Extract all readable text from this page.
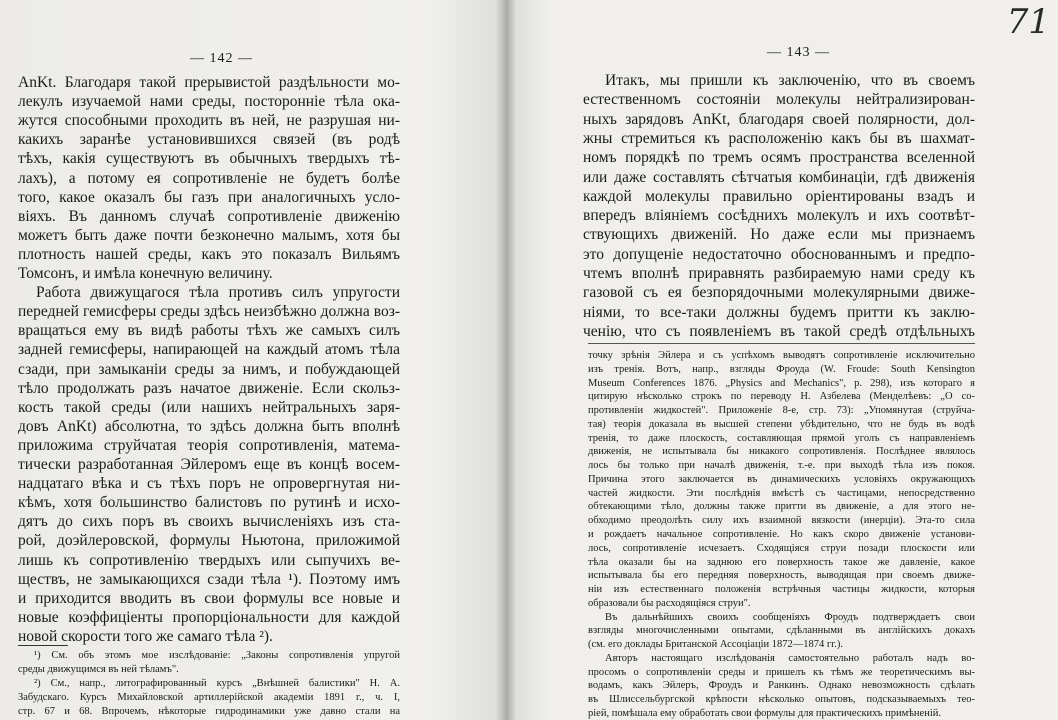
— 142 —
AnKt. Благодаря такой прерывистой раздѣльности мо-
лекулъ изучаемой нами среды, посторонніе тѣла ока-
жутся способными проходить въ ней, не разрушая ни-
какихъ заранѣе установившихся связей (въ родѣ
тѣхъ, какія существуютъ въ обычныхъ твердыхъ тѣ-
лахъ), а потому ея сопротивленіе не будетъ болѣе
того, какое оказалъ бы газъ при аналогичныхъ усло-
віяхъ. Въ данномъ случаѣ сопротивленіе движенію
можетъ быть даже почти безконечно малымъ, хотя бы
плотность нашей среды, какъ это показалъ Вильямъ
Томсонъ, и имѣла конечную величину.
Работа движущагося тѣла противъ силъ упругости
передней гемисферы среды здѣсь неизбѣжно должна воз-
вращаться ему въ видѣ работы тѣхъ же самыхъ силъ
задней гемисферы, напирающей на каждый атомъ тѣла
сзади, при замыканіи среды за нимъ, и побуждающей
тѣло продолжать разъ начатое движеніе. Если скольз-
кость такой среды (или нашихъ нейтральныхъ заря-
довъ AnKt) абсолютна, то здѣсь должна быть вполнѣ
приложима струйчатая теорія сопротивленія, матема-
тически разработанная Эйлеромъ еще въ концѣ восем-
надцатаго вѣка и съ тѣхъ поръ не опровергнутая ни-
кѣмъ, хотя большинство балистовъ по рутинѣ и исхо-
дятъ до сихъ поръ въ своихъ вычисленіяхъ изъ ста-
рой, доэйлеровской, формулы Ньютона, приложимой
лишь къ сопротивленію твердыхъ или сыпучихъ ве-
ществъ, не замыкающихся сзади тѣла ¹). Поэтому имъ
и приходится вводить въ свои формулы все новые и
новые коэффиціенты пропорціональности для каждой
новой скорости того же самаго тѣла ²).
— 143 —
71
Итакъ, мы пришли къ заключенію, что въ своемъ
естественномъ состояніи молекулы нейтрализирован-
ныхъ зарядовъ AnKt, благодаря своей полярности, дол-
жны стремиться къ расположенію какъ бы въ шахмат-
номъ порядкѣ по тремъ осямъ пространства вселенной
или даже составлять сѣтчатыя комбинаціи, гдѣ движенія
каждой молекулы правильно оріентированы взадъ и
впередъ вліяніемъ сосѣднихъ молекулъ и ихъ соотвѣт-
ствующихъ движеній. Но даже если мы признаемъ
это допущеніе недостаточно обоснованнымъ и предпо-
чтемъ вполнѣ приравнять разбираемую нами среду къ
газовой съ ея безпорядочными молекулярными движе-
ніями, то все-таки должны будемъ притти къ заклю-
ченію, что съ появленіемъ въ такой средѣ отдѣльныхъ
¹) См. объ этомъ мое изслѣдованіе: „Законы сопротивленія упругой
среды движущимся въ ней тѣламъ".
²) См., напр., литографированный курсъ „Внѣшней балистики" Н. А.
Забудскаго. Курсъ Михайловской артиллерійской академіи 1891 г., ч. I,
стр. 67 и 68. Впрочемъ, нѣкоторые гидродинамики уже давно стали на
точку зрѣнія Эйлера и съ успѣхомъ выводятъ сопротивленіе исключительно
изъ тренія. Вотъ, напр., взгляды Фроуда (W. Froude: South Kensington
Museum Conferences 1876. „Physics and Mechanics", p. 298), изъ котораго я
цитирую нѣсколько строкъ по переводу Н. Азбелева (Менделѣевъ: „О со-
противленіи жидкостей". Приложеніе 8-е, стр. 73): „Упомянутая (струйча-
тая) теорія доказала въ высшей степени убѣдительно, что не будь въ водѣ
тренія, то даже плоскость, составляющая прямой уголъ съ направленіемъ
движенія, не испытывала бы никакого сопротивленія. Послѣднее являлось
лось бы только при началѣ движенія, т.-е. при выходѣ тѣла изъ покоя.
Причина этого заключается въ динамическихъ условіяхъ окружающихъ
частей жидкости. Эти послѣднія вмѣстѣ съ частицами, непосредственно
обтекающими тѣло, должны также притти въ движеніе, а для этого не-
обходимо преодолѣть силу ихъ взаимной вязкости (инерціи). Эта-то сила
и рождаетъ начальное сопротивленіе. Но какъ скоро движеніе установи-
лось, сопротивленіе исчезаетъ. Сходящіяся струи позади плоскости или
тѣла оказали бы на заднюю его поверхность такое же давленіе, какое
испытывала бы его передняя поверхность, выводящая при своемъ движе-
ніи изъ естественнаго положенія встрѣчныя частицы жидкости, которыя
образовали бы расходящіяся струи".
Въ дальнѣйшихъ своихъ сообщеніяхъ Фроудъ подтверждаетъ свои
взгляды многочисленными опытами, сдѣланными въ англійскихъ докахъ
(см. его доклады Британской Ассоціаціи 1872—1874 гг.).
Авторъ настоящаго изслѣдованія самостоятельно работалъ надъ во-
просомъ о сопротивленіи среды и пришелъ къ тѣмъ же теоретическимъ вы-
водамъ, какъ Эйлеръ, Фроудъ и Ранкинъ. Однако невозможность сдѣлать
въ Шлиссельбургской крѣпости нѣсколько опытовъ, подсказываемыхъ тео-
ріей, помѣшала ему обработать свои формулы для практическихъ примѣненій.
